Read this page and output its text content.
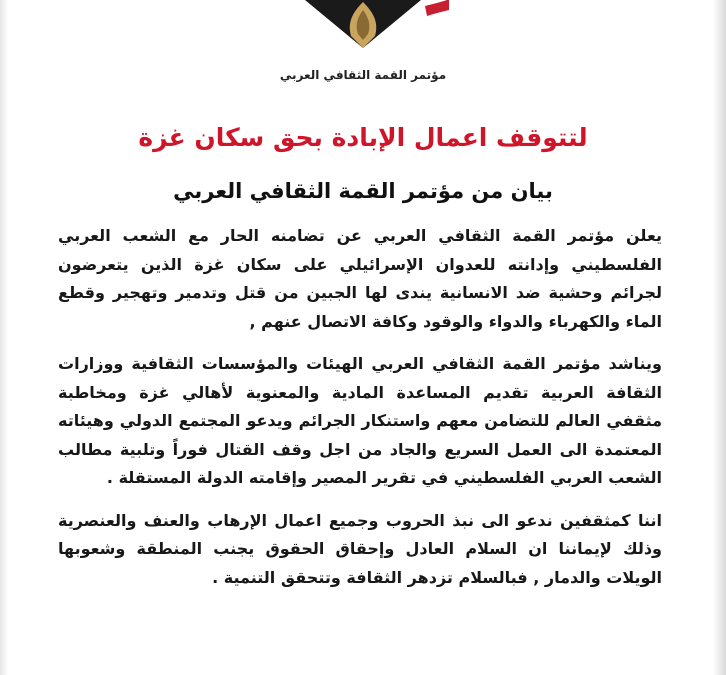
مؤتمر القمة الثقافي العربي
لتتوقف اعمال الإبادة بحق سكان غزة
بيان من مؤتمر القمة الثقافي العربي

يعلن مؤتمر القمة الثقافي العربي عن تضامنه الحار مع الشعب العربي الفلسطيني وإدانته للعدوان الإسرائيلي على سكان غزة الذين يتعرضون لجرائم وحشية ضد الانسانية يندى لها الجبين من قتل وتدمير وتهجير وقطع الماء والكهرباء والدواء والوقود وكافة الاتصال عنهم ,

ويناشد مؤتمر القمة الثقافي العربي الهيئات والمؤسسات الثقافية ووزارات الثقافة العربية تقديم المساعدة المادية والمعنوية لأهالي غزة ومخاطبة مثقفي العالم للتضامن معهم واستنكار الجرائم ويدعو المجتمع الدولي وهيئاته المعتمدة الى العمل السريع والجاد من اجل وقف القتال فوراً وتلبية مطالب الشعب العربي الفلسطيني في تقرير المصير وإقامته الدولة المستقلة .

اننا كمثقفين ندعو الى نبذ الحروب وجميع اعمال الإرهاب والعنف والعنصرية وذلك لإيماننا ان السلام العادل وإحقاق الحقوق يجنب المنطقة وشعوبها الويلات والدمار , فبالسلام تزدهر الثقافة وتتحقق التنمية .
